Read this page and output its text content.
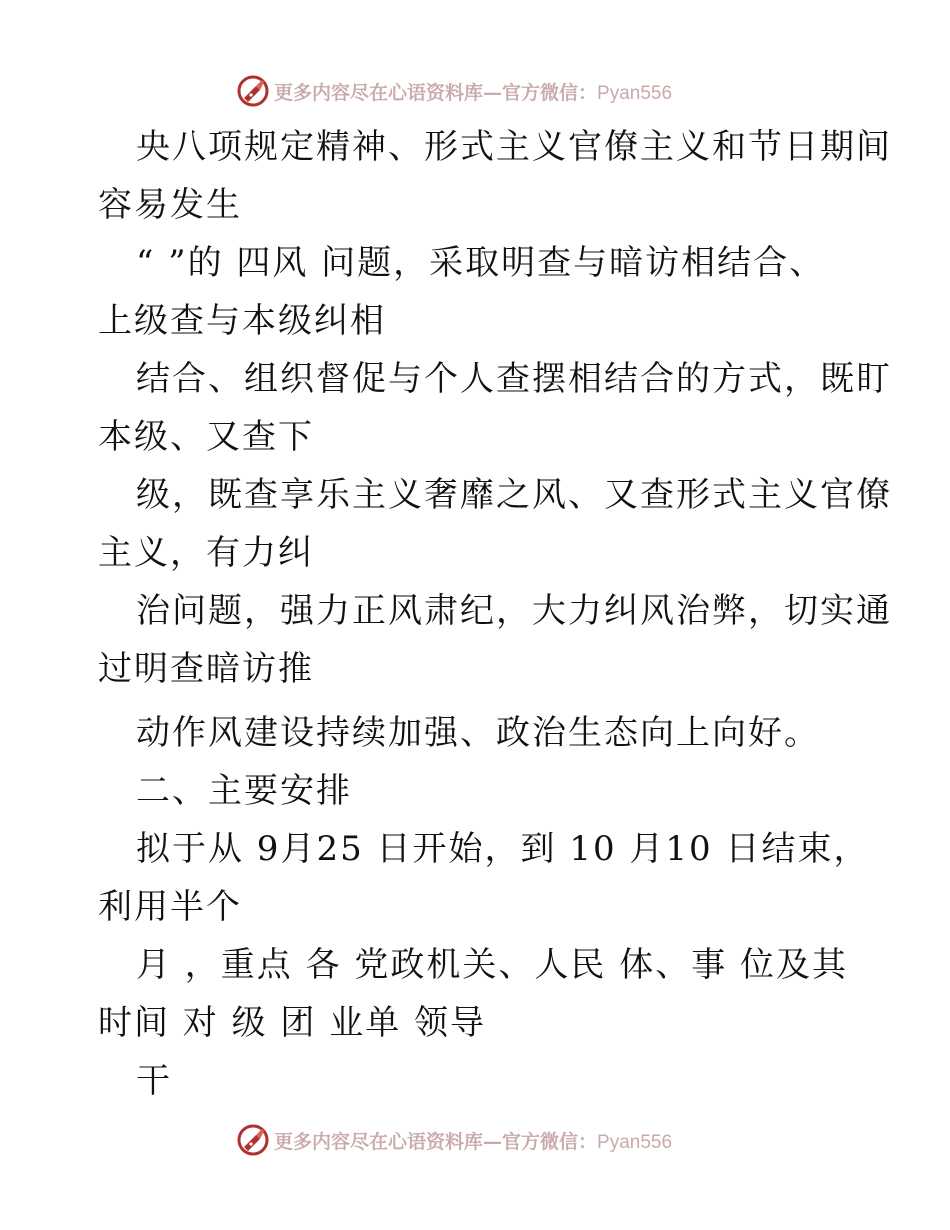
更多内容尽在心语资料库—官方微信：Pyan556
央八项规定精神、形式主义官僚主义和节日期间
容易发生
“ ”的 四风 问题，采取明查与暗访相结合、
上级查与本级纠相
结合、组织督促与个人查摆相结合的方式，既盯
本级、又查下
级，既查享乐主义奢靡之风、又查形式主义官僚
主义，有力纠
治问题，强力正风肃纪，大力纠风治弊，切实通
过明查暗访推
动作风建设持续加强、政治生态向上向好。
二、主要安排
拟于从 9月25 日开始，到 10 月10 日结束，
利用半个
月 ，重点 各 党政机关、人民 体、事 位及其
时间 对 级 团 业单 领导
干
更多内容尽在心语资料库—官方微信：Pyan556
